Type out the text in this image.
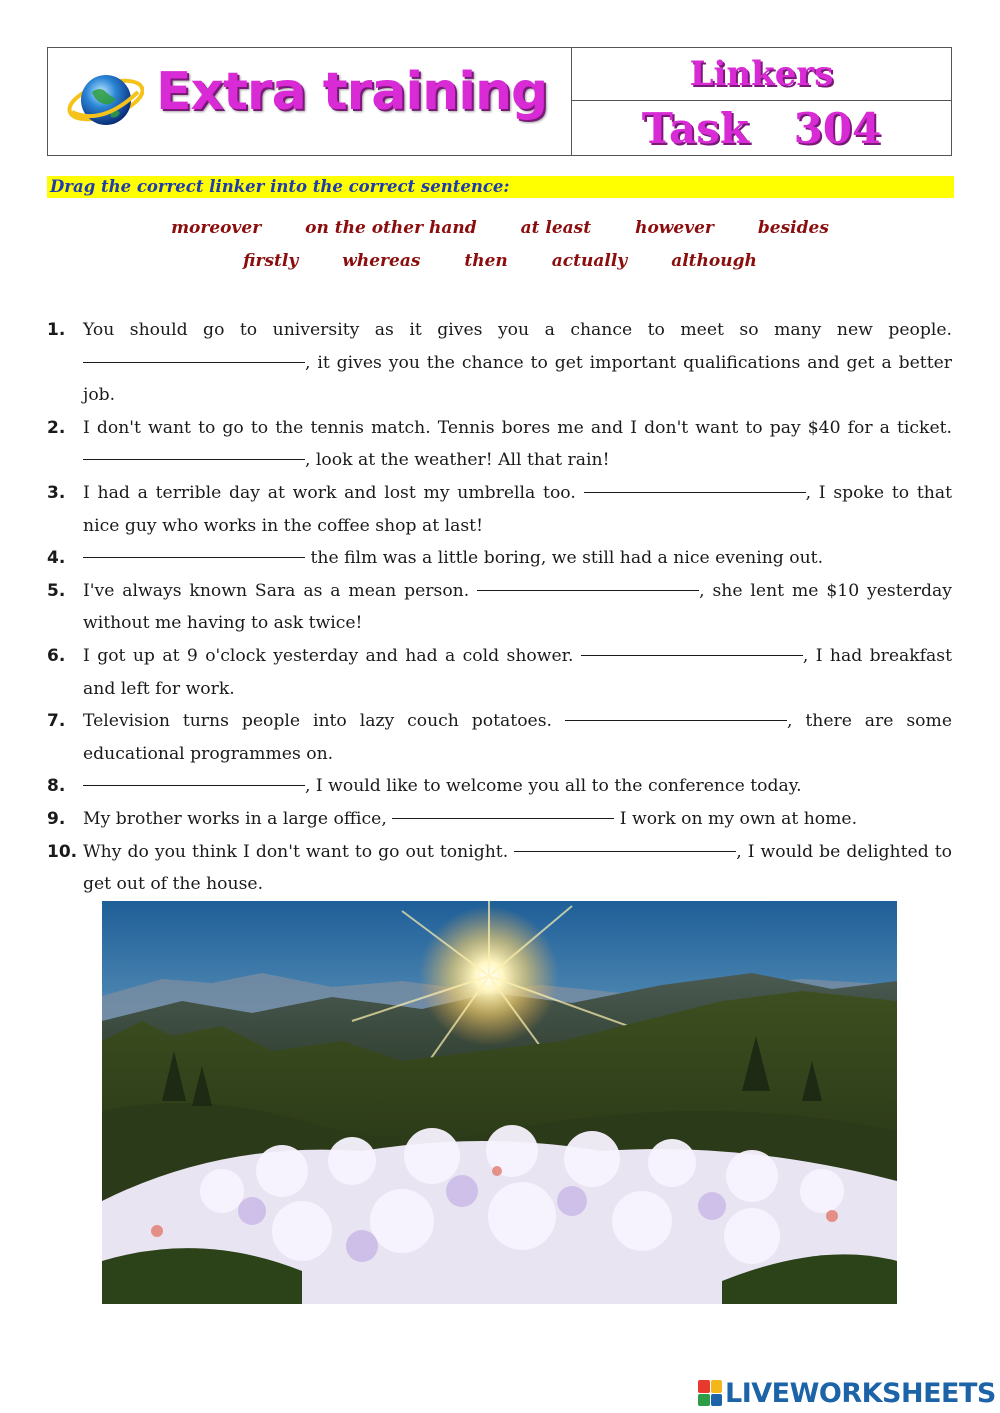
Extra training	Linkers
Task 304
Drag the correct linker into the correct sentence:
moreover	on the other hand	at least	however	besides
firstly	whereas	then	actually	although
1. You should go to university as it gives you a chance to meet so many new people. , it gives you the chance to get important qualifications and get a better job.
2. I don't want to go to the tennis match. Tennis bores me and I don't want to pay $40 for a ticket. , look at the weather! All that rain!
3. I had a terrible day at work and lost my umbrella too.	, I spoke to that nice guy who works in the coffee shop at last!
4.	the film was a little boring, we still had a nice evening out.
5. I've always known Sara as a mean person.	, she lent me $10 yesterday without me having to ask twice!
6. I got up at 9 o'clock yesterday and had a cold shower.	, I had breakfast and left for work.
7. Television turns people into lazy couch potatoes.	, there are some educational programmes on.
8.	, I would like to welcome you all to the conference today.
9. My brother works in a large office,	I work on my own at home.
10. Why do you think I don't want to go out tonight.	, I would be delighted to get out of the house.
LIVEWORKSHEETS
